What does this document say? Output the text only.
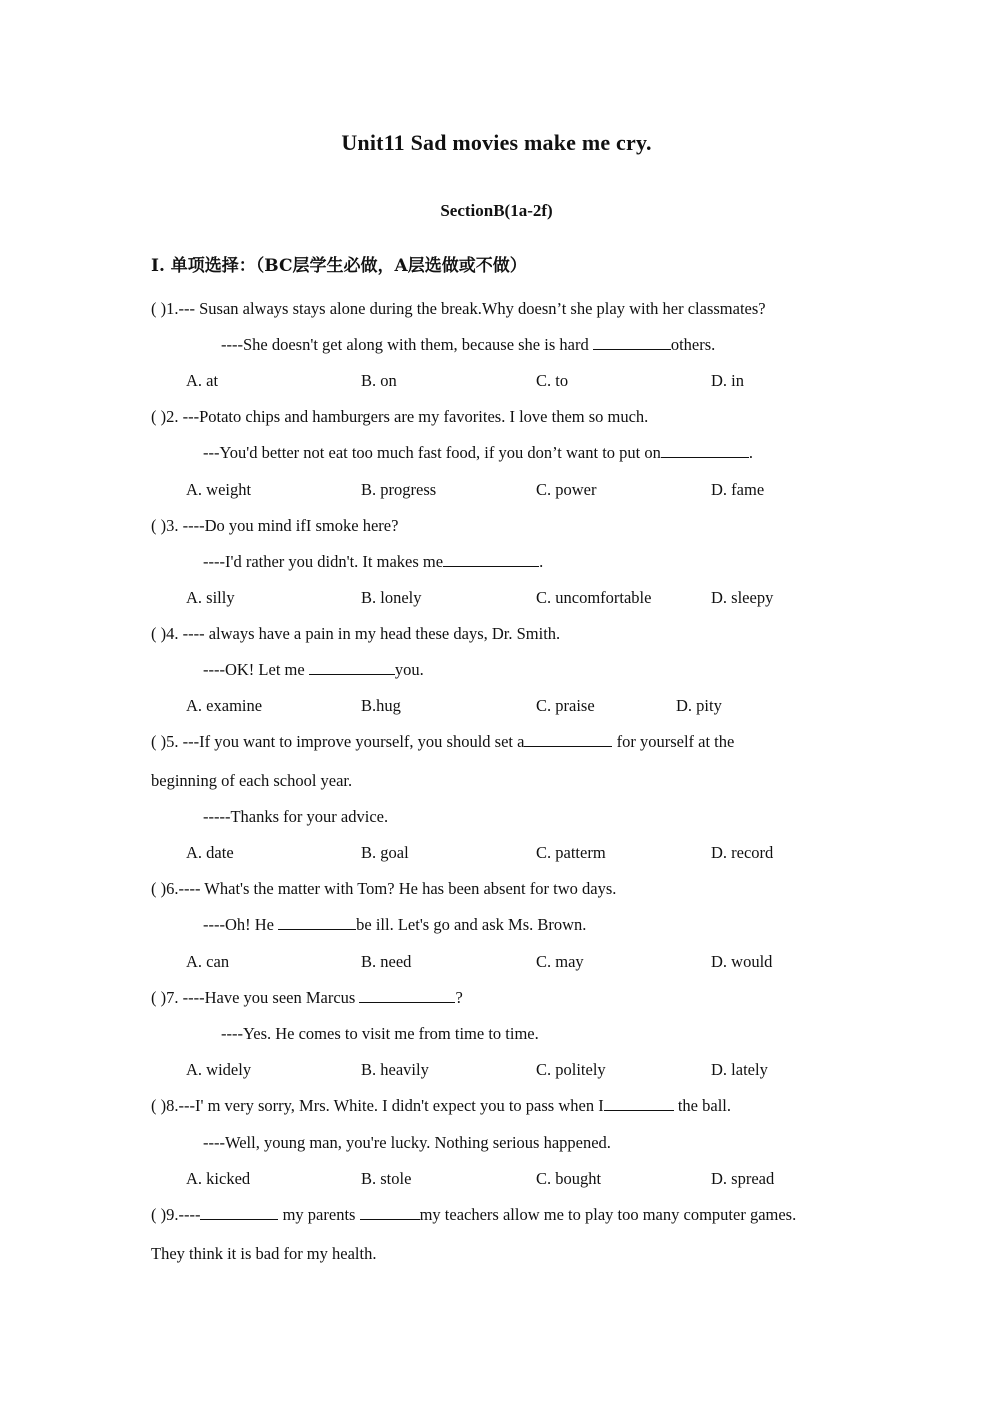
Unit11 Sad movies make me cry.
SectionB(1a-2f)
I. 单项选择：（BC层学生必做，A层选做或不做）
( )1.--- Susan always stays alone during the break.Why doesn’t she play with her classmates?
----She doesn't get along with them, because she is hard	others.
A. at	B. on	C. to	D. in
( )2. ---Potato chips and hamburgers are my favorites. I love them so much.
---You'd better not eat too much fast food, if you don’t want to put on	.
A. weight	B. progress	C. power	D. fame
( )3. ----Do you mind ifI smoke here?
----I'd rather you didn't. It makes me	.
A. silly	B. lonely	C. uncomfortable	D. sleepy
( )4. ---- always have a pain in my head these days, Dr. Smith.
----OK! Let me	you.
A. examine	B.hug	C. praise	D. pity
( )5. ---If you want to improve yourself, you should set a	for yourself at the
beginning of each school year.
-----Thanks for your advice.
A. date	B. goal	C. patterm	D. record
( )6.---- What's the matter with Tom? He has been absent for two days.
----Oh! He	be ill. Let's go and ask Ms. Brown.
A. can	B. need	C. may	D. would
( )7. ----Have you seen Marcus	?
----Yes. He comes to visit me from time to time.
A. widely	B. heavily	C. politely	D. lately
( )8.---I' m very sorry, Mrs. White. I didn't expect you to pass when I	the ball.
----Well, young man, you're lucky. Nothing serious happened.
A. kicked	B. stole	C. bought	D. spread
( )9.----	my parents	my teachers allow me to play too many computer games.
They think it is bad for my health.
